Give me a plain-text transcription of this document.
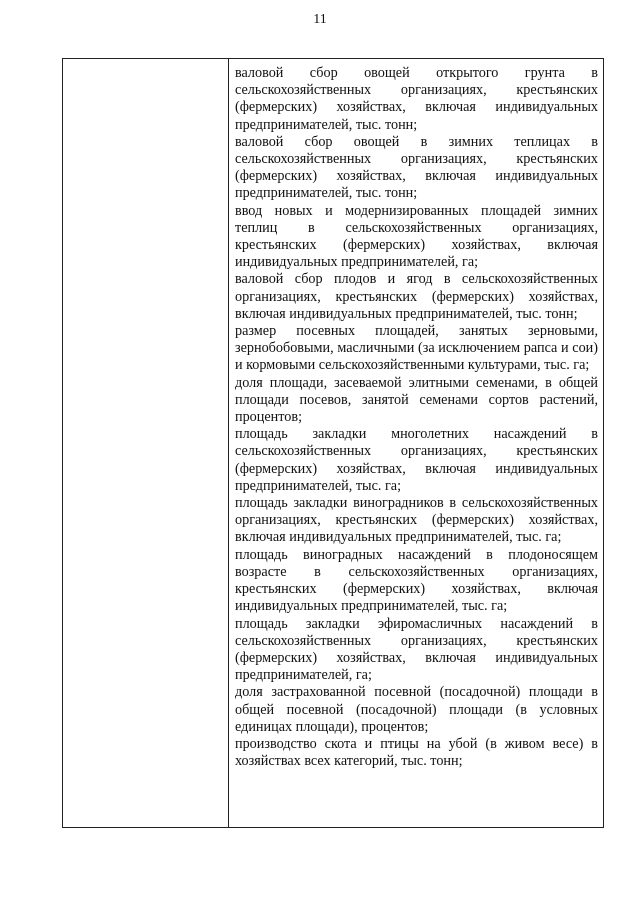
11

валовой сбор овощей открытого грунта в сельскохозяйственных организациях, крестьянских (фермерских) хозяйствах, включая индивидуальных предпринимателей, тыс. тонн;

валовой сбор овощей в зимних теплицах в сельскохозяйственных организациях, крестьянских (фермерских) хозяйствах, включая индивидуальных предпринимателей, тыс. тонн;

ввод новых и модернизированных площадей зимних теплиц в сельскохозяйственных организациях, крестьянских (фермерских) хозяйствах, включая индивидуальных предпринимателей, га;

валовой сбор плодов и ягод в сельскохозяйственных организациях, крестьянских (фермерских) хозяйствах, включая индивидуальных предпринимателей, тыс. тонн;

размер посевных площадей, занятых зерновыми, зернобобовыми, масличными (за исключением рапса и сои) и кормовыми сельскохозяйственными культурами, тыс. га;

доля площади, засеваемой элитными семенами, в общей площади посевов, занятой семенами сортов растений, процентов;

площадь закладки многолетних насаждений в сельскохозяйственных организациях, крестьянских (фермерских) хозяйствах, включая индивидуальных предпринимателей, тыс. га;

площадь закладки виноградников в сельскохозяйственных организациях, крестьянских (фермерских) хозяйствах, включая индивидуальных предпринимателей, тыс. га;

площадь виноградных насаждений в плодоносящем возрасте в сельскохозяйственных организациях, крестьянских (фермерских) хозяйствах, включая индивидуальных предпринимателей, тыс. га;

площадь закладки эфиромасличных насаждений в сельскохозяйственных организациях, крестьянских (фермерских) хозяйствах, включая индивидуальных предпринимателей, га;

доля застрахованной посевной (посадочной) площади в общей посевной (посадочной) площади (в условных единицах площади), процентов;

производство скота и птицы на убой (в живом весе) в хозяйствах всех категорий, тыс. тонн;
